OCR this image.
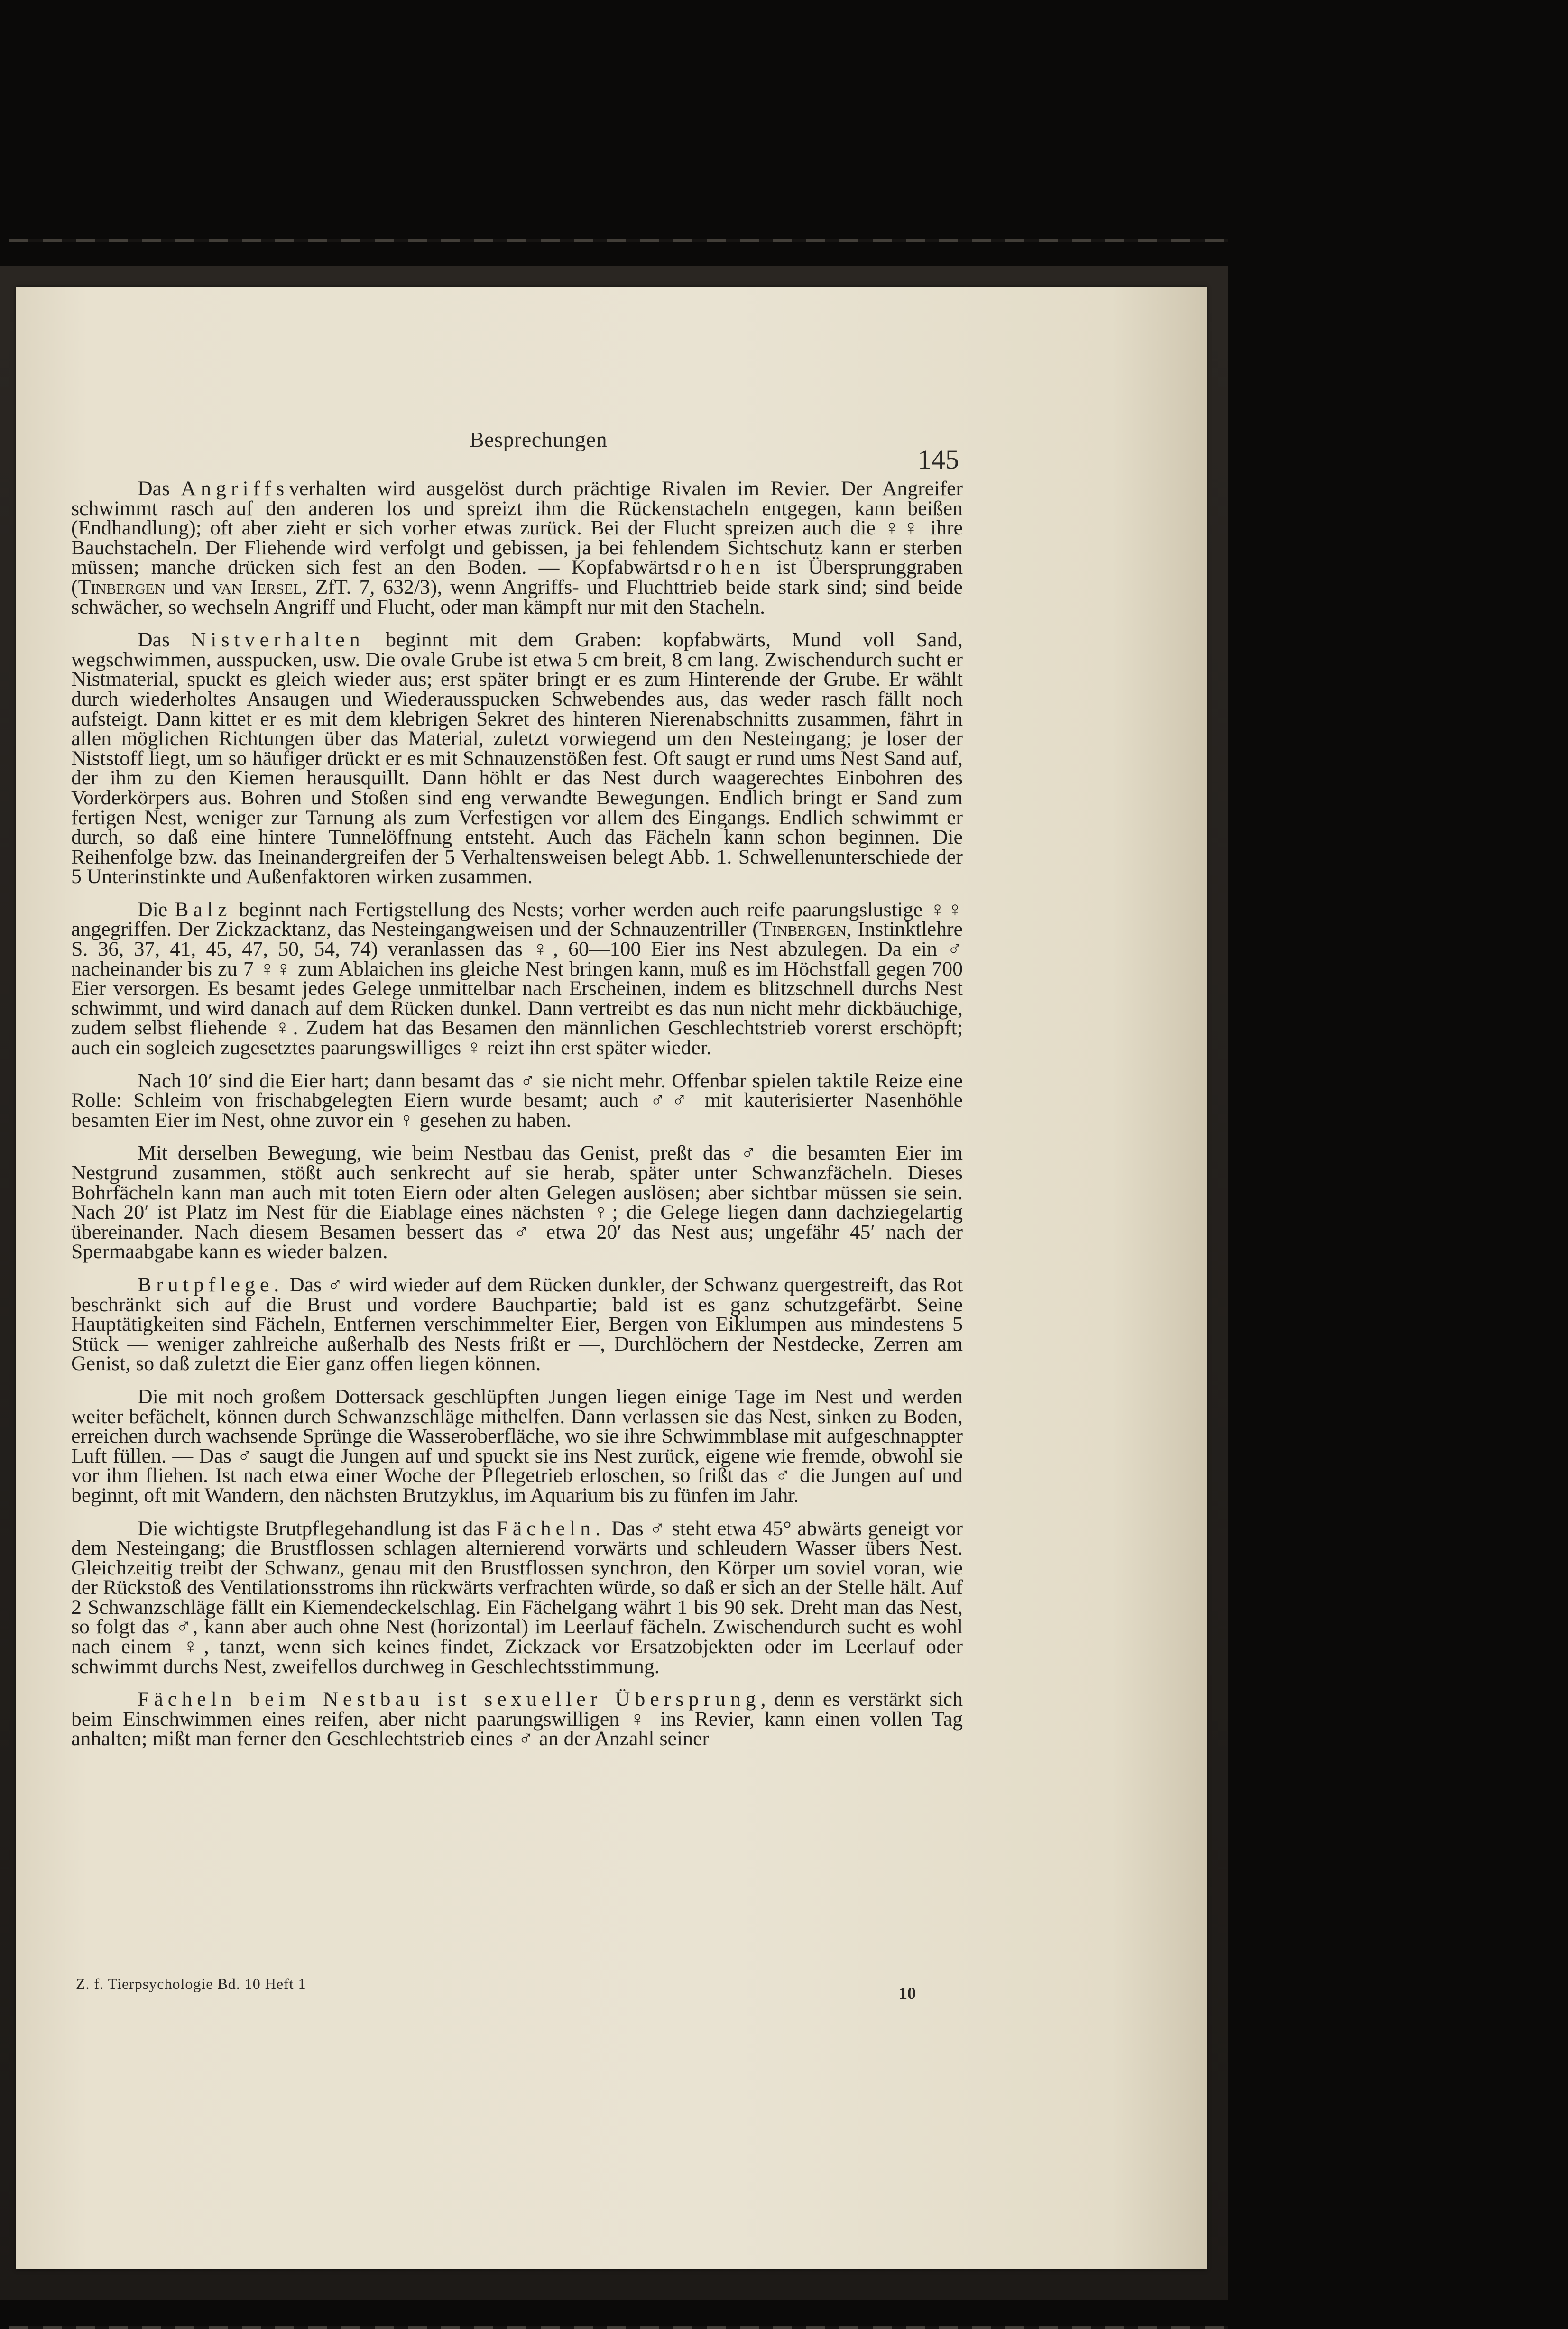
Besprechungen
145

Das Angriffsverhalten wird ausgelöst durch prächtige Rivalen im Revier. Der Angreifer schwimmt rasch auf den anderen los und spreizt ihm die Rückenstacheln entgegen, kann beißen (Endhandlung); oft aber zieht er sich vorher etwas zurück. Bei der Flucht spreizen auch die ♀♀ ihre Bauchstacheln. Der Fliehende wird verfolgt und gebissen, ja bei fehlendem Sichtschutz kann er sterben müssen; manche drücken sich fest an den Boden. — Kopfabwärtsdrohen ist Übersprunggraben (Tinbergen und van Iersel, ZfT. 7, 632/3), wenn Angriffs- und Fluchttrieb beide stark sind; sind beide schwächer, so wechseln Angriff und Flucht, oder man kämpft nur mit den Stacheln.

Das Nistverhalten beginnt mit dem Graben: kopfabwärts, Mund voll Sand, wegschwimmen, ausspucken, usw. Die ovale Grube ist etwa 5 cm breit, 8 cm lang. Zwischendurch sucht er Nistmaterial, spuckt es gleich wieder aus; erst später bringt er es zum Hinterende der Grube. Er wählt durch wiederholtes Ansaugen und Wiederausspucken Schwebendes aus, das weder rasch fällt noch aufsteigt. Dann kittet er es mit dem klebrigen Sekret des hinteren Nierenabschnitts zusammen, fährt in allen möglichen Richtungen über das Material, zuletzt vorwiegend um den Nesteingang; je loser der Niststoff liegt, um so häufiger drückt er es mit Schnauzenstößen fest. Oft saugt er rund ums Nest Sand auf, der ihm zu den Kiemen herausquillt. Dann höhlt er das Nest durch waagerechtes Einbohren des Vorderkörpers aus. Bohren und Stoßen sind eng verwandte Bewegungen. Endlich bringt er Sand zum fertigen Nest, weniger zur Tarnung als zum Verfestigen vor allem des Eingangs. Endlich schwimmt er durch, so daß eine hintere Tunnelöffnung entsteht. Auch das Fächeln kann schon beginnen. Die Reihenfolge bzw. das Ineinandergreifen der 5 Verhaltensweisen belegt Abb. 1. Schwellenunterschiede der 5 Unterinstinkte und Außenfaktoren wirken zusammen.

Die Balz beginnt nach Fertigstellung des Nests; vorher werden auch reife paarungslustige ♀♀ angegriffen. Der Zickzacktanz, das Nesteingangweisen und der Schnauzentriller (Tinbergen, Instinktlehre S. 36, 37, 41, 45, 47, 50, 54, 74) veranlassen das ♀, 60—100 Eier ins Nest abzulegen. Da ein ♂ nacheinander bis zu 7 ♀♀ zum Ablaichen ins gleiche Nest bringen kann, muß es im Höchstfall gegen 700 Eier versorgen. Es besamt jedes Gelege unmittelbar nach Erscheinen, indem es blitzschnell durchs Nest schwimmt, und wird danach auf dem Rücken dunkel. Dann vertreibt es das nun nicht mehr dickbäuchige, zudem selbst fliehende ♀. Zudem hat das Besamen den männlichen Geschlechtstrieb vorerst erschöpft; auch ein sogleich zugesetztes paarungswilliges ♀ reizt ihn erst später wieder.

Nach 10′ sind die Eier hart; dann besamt das ♂ sie nicht mehr. Offenbar spielen taktile Reize eine Rolle: Schleim von frischabgelegten Eiern wurde besamt; auch ♂♂ mit kauterisierter Nasenhöhle besamten Eier im Nest, ohne zuvor ein ♀ gesehen zu haben.

Mit derselben Bewegung, wie beim Nestbau das Genist, preßt das ♂ die besamten Eier im Nestgrund zusammen, stößt auch senkrecht auf sie herab, später unter Schwanzfächeln. Dieses Bohrfächeln kann man auch mit toten Eiern oder alten Gelegen auslösen; aber sichtbar müssen sie sein. Nach 20′ ist Platz im Nest für die Eiablage eines nächsten ♀; die Gelege liegen dann dachziegelartig übereinander. Nach diesem Besamen bessert das ♂ etwa 20′ das Nest aus; ungefähr 45′ nach der Spermaabgabe kann es wieder balzen.

Brutpflege. Das ♂ wird wieder auf dem Rücken dunkler, der Schwanz quergestreift, das Rot beschränkt sich auf die Brust und vordere Bauchpartie; bald ist es ganz schutzgefärbt. Seine Hauptätigkeiten sind Fächeln, Entfernen verschimmelter Eier, Bergen von Eiklumpen aus mindestens 5 Stück — weniger zahlreiche außerhalb des Nests frißt er —, Durchlöchern der Nestdecke, Zerren am Genist, so daß zuletzt die Eier ganz offen liegen können.

Die mit noch großem Dottersack geschlüpften Jungen liegen einige Tage im Nest und werden weiter befächelt, können durch Schwanzschläge mithelfen. Dann verlassen sie das Nest, sinken zu Boden, erreichen durch wachsende Sprünge die Wasseroberfläche, wo sie ihre Schwimmblase mit aufgeschnappter Luft füllen. — Das ♂ saugt die Jungen auf und spuckt sie ins Nest zurück, eigene wie fremde, obwohl sie vor ihm fliehen. Ist nach etwa einer Woche der Pflegetrieb erloschen, so frißt das ♂ die Jungen auf und beginnt, oft mit Wandern, den nächsten Brutzyklus, im Aquarium bis zu fünfen im Jahr.

Die wichtigste Brutpflegehandlung ist das Fächeln. Das ♂ steht etwa 45° abwärts geneigt vor dem Nesteingang; die Brustflossen schlagen alternierend vorwärts und schleudern Wasser übers Nest. Gleichzeitig treibt der Schwanz, genau mit den Brustflossen synchron, den Körper um soviel voran, wie der Rückstoß des Ventilationsstroms ihn rückwärts verfrachten würde, so daß er sich an der Stelle hält. Auf 2 Schwanzschläge fällt ein Kiemendeckelschlag. Ein Fächelgang währt 1 bis 90 sek. Dreht man das Nest, so folgt das ♂, kann aber auch ohne Nest (horizontal) im Leerlauf fächeln. Zwischendurch sucht es wohl nach einem ♀, tanzt, wenn sich keines findet, Zickzack vor Ersatzobjekten oder im Leerlauf oder schwimmt durchs Nest, zweifellos durchweg in Geschlechtsstimmung.

Fächeln beim Nestbau ist sexueller Übersprung, denn es verstärkt sich beim Einschwimmen eines reifen, aber nicht paarungswilligen ♀ ins Revier, kann einen vollen Tag anhalten; mißt man ferner den Geschlechtstrieb eines ♂ an der Anzahl seiner

Z. f. Tierpsychologie Bd. 10 Heft 1	10
